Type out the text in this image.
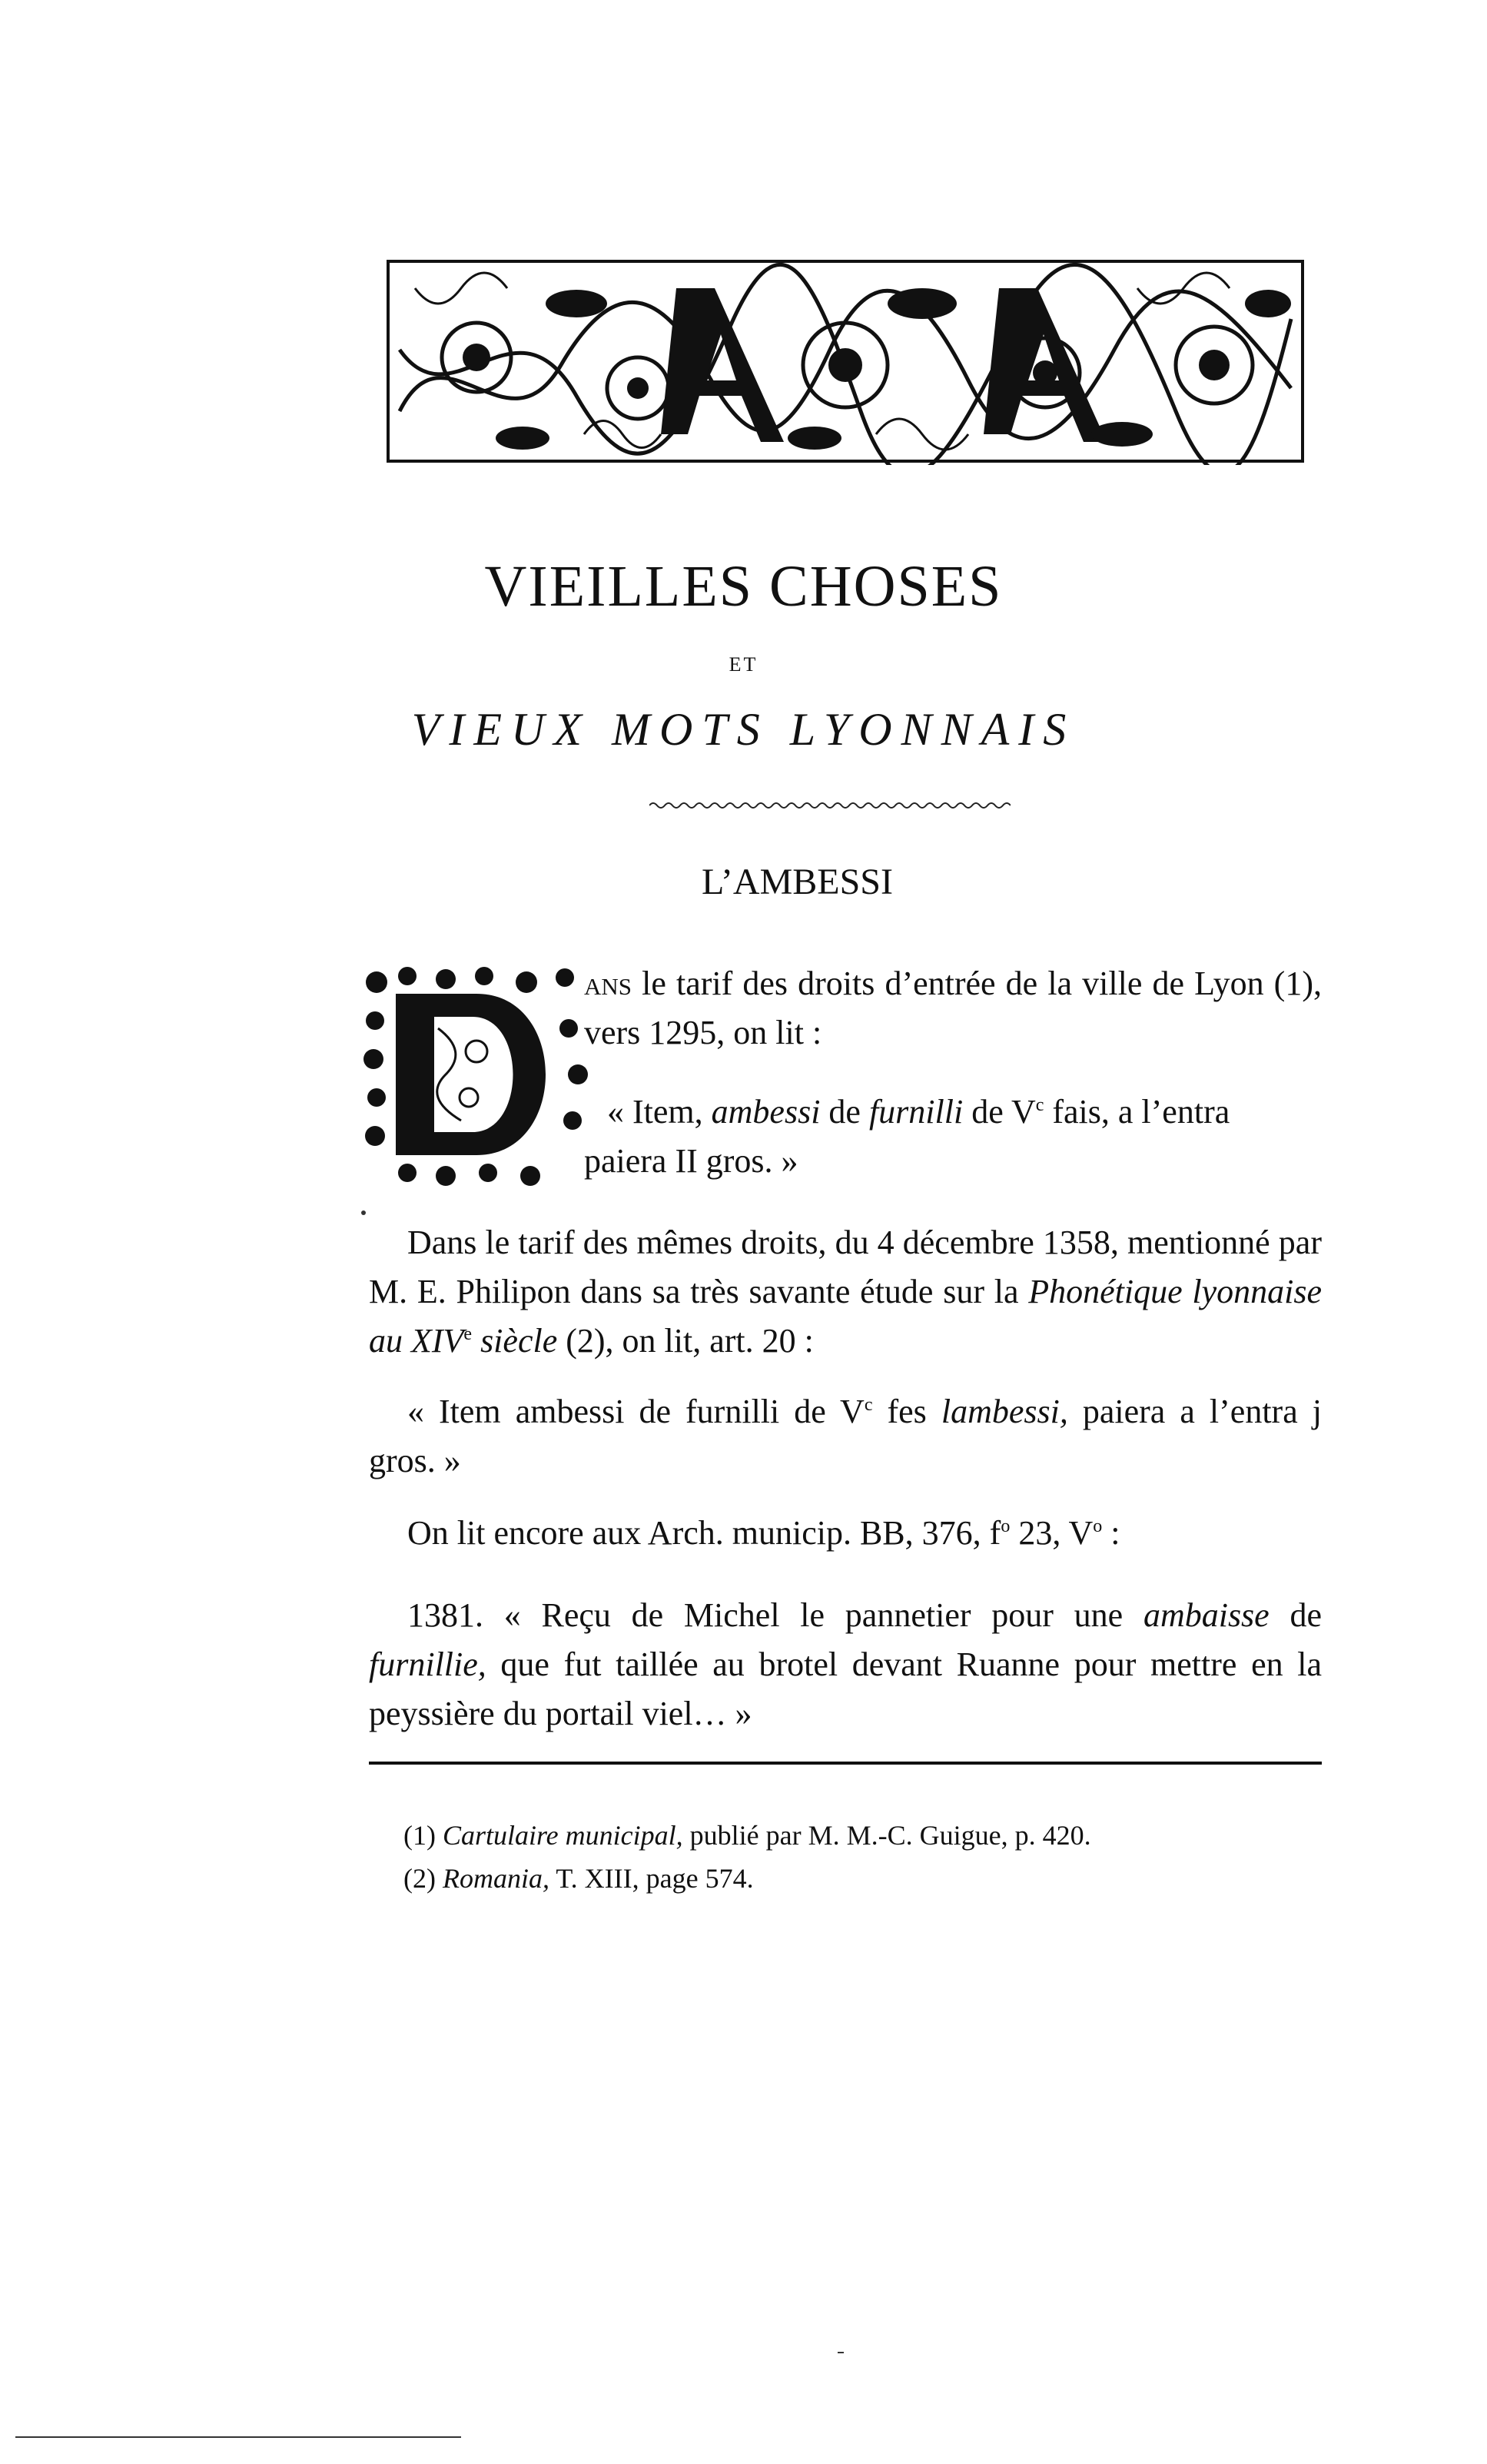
VIEILLES CHOSES
ET
VIEUX MOTS LYONNAIS
L’AMBESSI
ans le tarif des droits d’entrée de la ville de Lyon (1), vers 1295, on lit :
« Item, ambessi de furnilli de $V^c$ fais, a l’entra
paiera II gros. »
Dans le tarif des mêmes droits, du 4 décembre 1358, mentionné par M. E. Philipon dans sa très savante étude sur la Phonétique lyonnaise au XIVe siècle (2), on lit, art. 20 :
« Item ambessi de furnilli de $V^c$ fes lambessi, paiera a l’entra j gros. »
On lit encore aux Arch. municip. BB, 376, $f^o$ 23, $V^o$ :
1381. « Reçu de Michel le pannetier pour une ambaisse de furnillie, que fut taillée au brotel devant Ruanne pour mettre en la peyssière du portail viel… »
(1) Cartulaire municipal, publié par M. M.-C. Guigue, p. 420.
(2) Romania, T. XIII, page 574.
